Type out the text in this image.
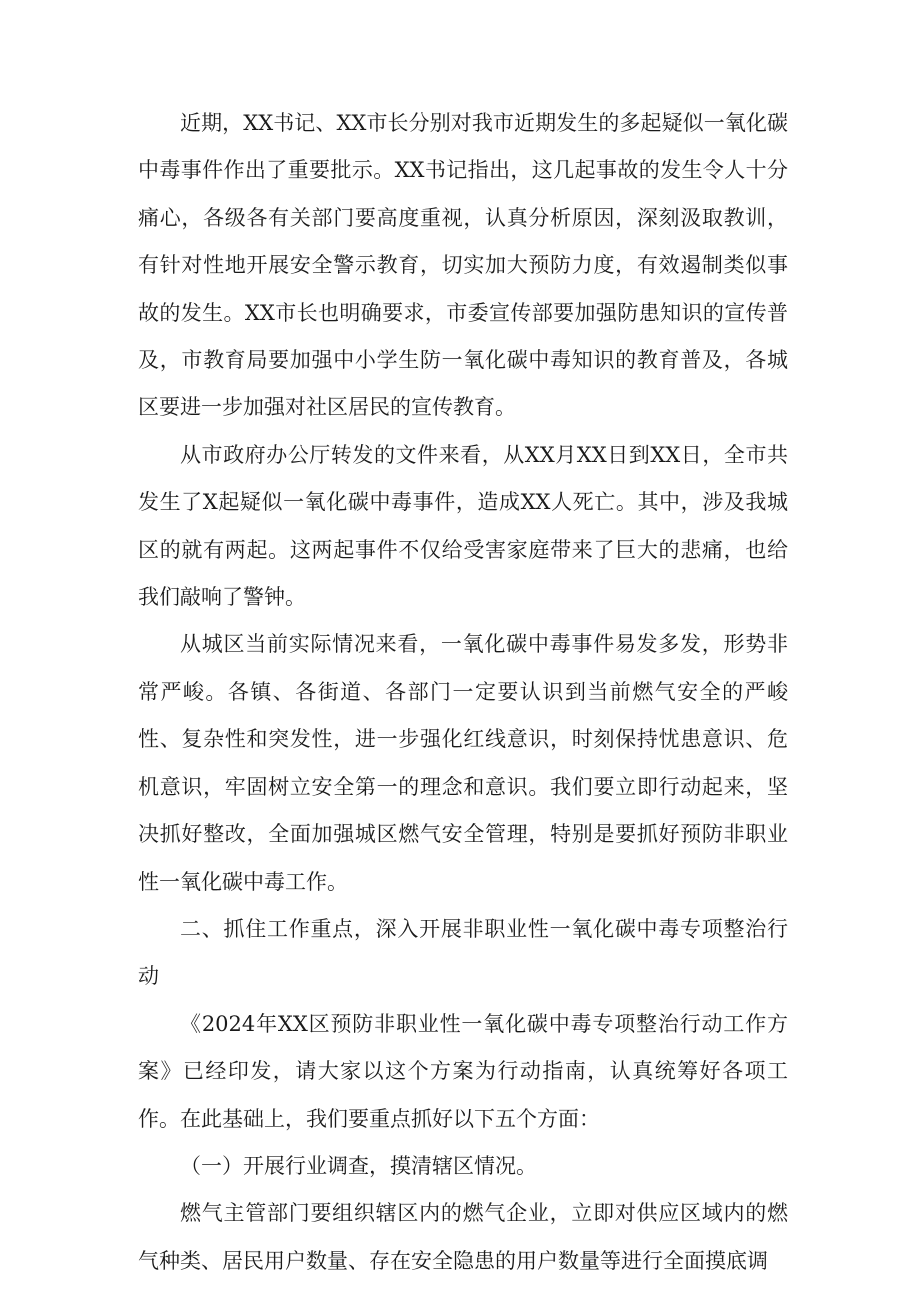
近期，XX书记、XX市长分别对我市近期发生的多起疑似一氧化碳中毒事件作出了重要批示。XX书记指出，这几起事故的发生令人十分痛心，各级各有关部门要高度重视，认真分析原因，深刻汲取教训，有针对性地开展安全警示教育，切实加大预防力度，有效遏制类似事故的发生。XX市长也明确要求，市委宣传部要加强防患知识的宣传普及，市教育局要加强中小学生防一氧化碳中毒知识的教育普及，各城区要进一步加强对社区居民的宣传教育。

从市政府办公厅转发的文件来看，从XX月XX日到XX日，全市共发生了X起疑似一氧化碳中毒事件，造成XX人死亡。其中，涉及我城区的就有两起。这两起事件不仅给受害家庭带来了巨大的悲痛，也给我们敲响了警钟。

从城区当前实际情况来看，一氧化碳中毒事件易发多发，形势非常严峻。各镇、各街道、各部门一定要认识到当前燃气安全的严峻性、复杂性和突发性，进一步强化红线意识，时刻保持忧患意识、危机意识，牢固树立安全第一的理念和意识。我们要立即行动起来，坚决抓好整改，全面加强城区燃气安全管理，特别是要抓好预防非职业性一氧化碳中毒工作。

二、抓住工作重点，深入开展非职业性一氧化碳中毒专项整治行动

《2024年XX区预防非职业性一氧化碳中毒专项整治行动工作方案》已经印发，请大家以这个方案为行动指南，认真统筹好各项工作。在此基础上，我们要重点抓好以下五个方面：

（一）开展行业调查，摸清辖区情况。

燃气主管部门要组织辖区内的燃气企业，立即对供应区域内的燃气种类、居民用户数量、存在安全隐患的用户数量等进行全面摸底调
